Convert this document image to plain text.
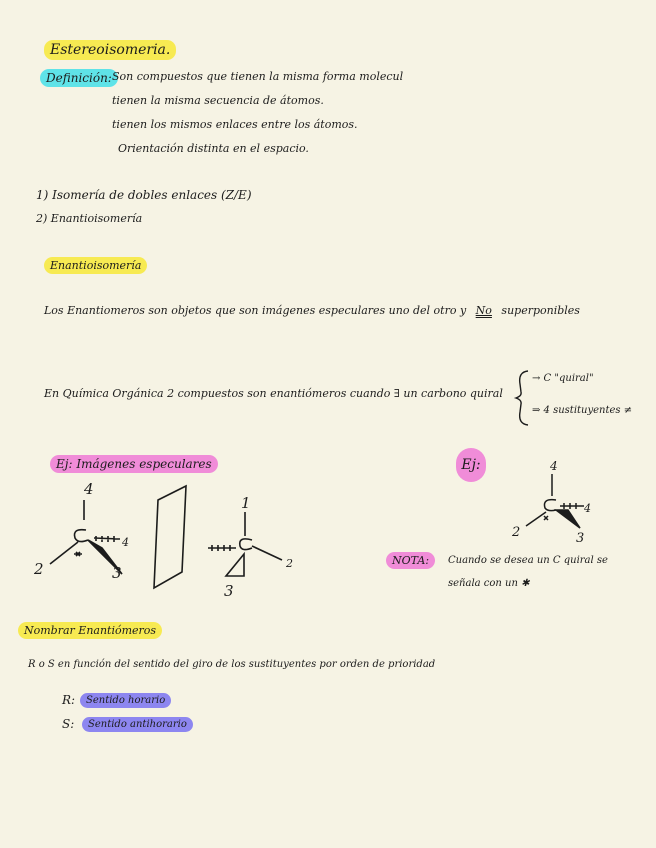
Estereoisomeria.
Definición: Son compuestos que tienen la misma forma molecul
tienen la misma secuencia de átomos.
tienen los mismos enlaces entre los átomos.
Orientación distinta en el espacio.
1) Isomería de dobles enlaces (Z/E)
2) Enantioisomería
Enantioisomería
Los Enantiomeros son objetos que son imágenes especulares uno del otro y No superponibles
En Química Orgánica 2 compuestos son enantiómeros cuando ∃ un carbono quiral
→ C "quiral"
⇒ 4 sustituyentes ≠
Ej: Imágenes especulares	Ej:
NOTA:	Cuando se desea un C quiral se
señala con un ✱
Nombrar Enantiómeros
R o S en función del sentido del giro de los sustituyentes por orden de prioridad
R:	Sentido horario
S:	Sentido antihorario
4
2	3
4
1
2
3
4
2	3
4
